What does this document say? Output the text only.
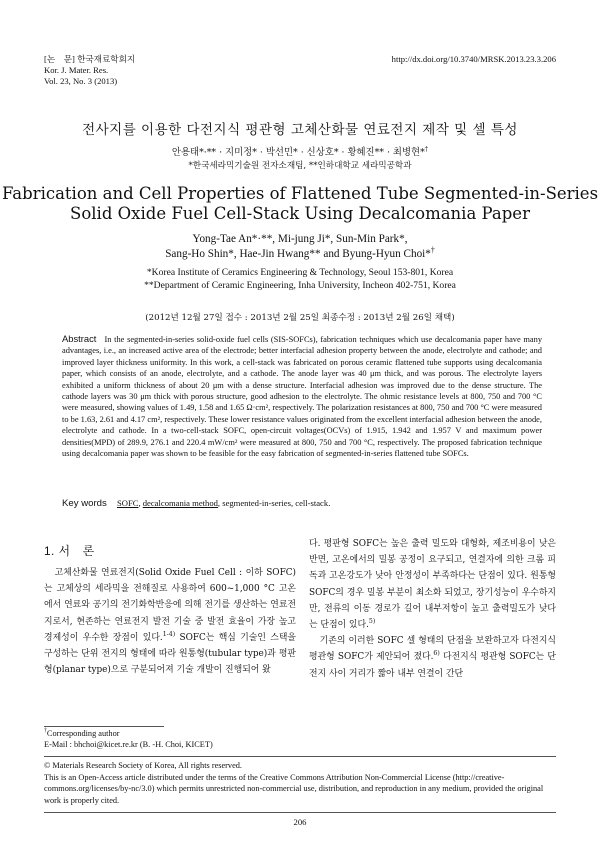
[논　문] 한국재료학회지
Kor. J. Mater. Res.
Vol. 23, No. 3 (2013)
http://dx.doi.org/10.3740/MRSK.2013.23.3.206
전사지를 이용한 다전지식 평관형 고체산화물 연료전지 제작 및 셀 특성
안용태*·** · 지미정* · 박선민* · 신상호* · 황혜진** · 최병현*†
*한국세라믹기술원 전자소재팀, **인하대학교 세라믹공학과
Fabrication and Cell Properties of Flattened Tube Segmented-in-Series
Solid Oxide Fuel Cell-Stack Using Decalcomania Paper
Yong-Tae An*·**, Mi-jung Ji*, Sun-Min Park*,
Sang-Ho Shin*, Hae-Jin Hwang** and Byung-Hyun Choi*†
*Korea Institute of Ceramics Engineering & Technology, Seoul 153-801, Korea
**Department of Ceramic Engineering, Inha University, Incheon 402-751, Korea
(2012년 12월 27일 접수 : 2013년 2월 25일 최종수정 : 2013년 2월 26일 채택)
Abstract In the segmented-in-series solid-oxide fuel cells (SIS-SOFCs), fabrication techniques which use decalcomania paper have many advantages, i.e., an increased active area of the electrode; better interfacial adhesion property between the anode, electrolyte and cathode; and improved layer thickness uniformity. In this work, a cell-stack was fabricated on porous ceramic flattened tube supports using decalcomania paper, which consists of an anode, electrolyte, and a cathode. The anode layer was 40 μm thick, and was porous. The electrolyte layers exhibited a uniform thickness of about 20 μm with a dense structure. Interfacial adhesion was improved due to the dense structure. The cathode layers was 30 μm thick with porous structure, good adhesion to the electrolyte. The ohmic resistance levels at 800, 750 and 700 °C were measured, showing values of 1.49, 1.58 and 1.65 Ω·cm², respectively. The polarization resistances at 800, 750 and 700 °C were measured to be 1.63, 2.61 and 4.17 cm², respectively. These lower resistance values originated from the excellent interfacial adhesion between the anode, electrolyte and cathode. In a two-cell-stack SOFC, open-circuit voltages(OCVs) of 1.915, 1.942 and 1.957 V and maximum power densities(MPD) of 289.9, 276.1 and 220.4 mW/cm² were measured at 800, 750 and 700 °C, respectively. The proposed fabrication technique using decalcomania paper was shown to be feasible for the easy fabrication of segmented-in-series flattened tube SOFCs.
Key words SOFC, decalcomania method, segmented-in-series, cell-stack.
1. 서　론

고체산화물 연료전지(Solid Oxide Fuel Cell : 이하 SOFC)는 고체상의 세라믹을 전해질로 사용하여 600~1,000 °C 고온에서 연료와 공기의 전기화학반응에 의해 전기를 생산하는 연료전지로서, 현존하는 연료전지 발전 기술 중 발전 효율이 가장 높고 경제성이 우수한 장점이 있다.$^{1-4)}$ SOFC는 핵심 기술인 스택을 구성하는 단위 전지의 형태에 따라 원통형(tubular type)과 평판형(planar type)으로 구분되어져 기술 개발이 진행되어 왔

다. 평판형 SOFC는 높은 출력 밀도와 대형화, 제조비용이 낮은 반면, 고온에서의 밀봉 공정이 요구되고, 연결자에 의한 크롬 피독과 고온강도가 낮아 안정성이 부족하다는 단점이 있다. 원통형 SOFC의 경우 밀봉 부분이 최소화 되었고, 장기성능이 우수하지만, 전류의 이동 경로가 길어 내부저항이 높고 출력밀도가 낮다는 단점이 있다.$^{5)}$

기존의 이러한 SOFC 셀 형태의 단점을 보완하고자 다전지식 평관형 SOFC가 제안되어 졌다.$^{6)}$ 다전지식 평관형 SOFC는 단전지 사이 거리가 짧아 내부 연결이 간단

†Corresponding author
E-Mail : bhchoi@kicet.re.kr (B. -H. Choi, KICET)
© Materials Research Society of Korea, All rights reserved.
This is an Open-Access article distributed under the terms of the Creative Commons Attribution Non-Commercial License (http://creative-commons.org/licenses/by-nc/3.0) which permits unrestricted non-commercial use, distribution, and reproduction in any medium, provided the original work is properly cited.
206
